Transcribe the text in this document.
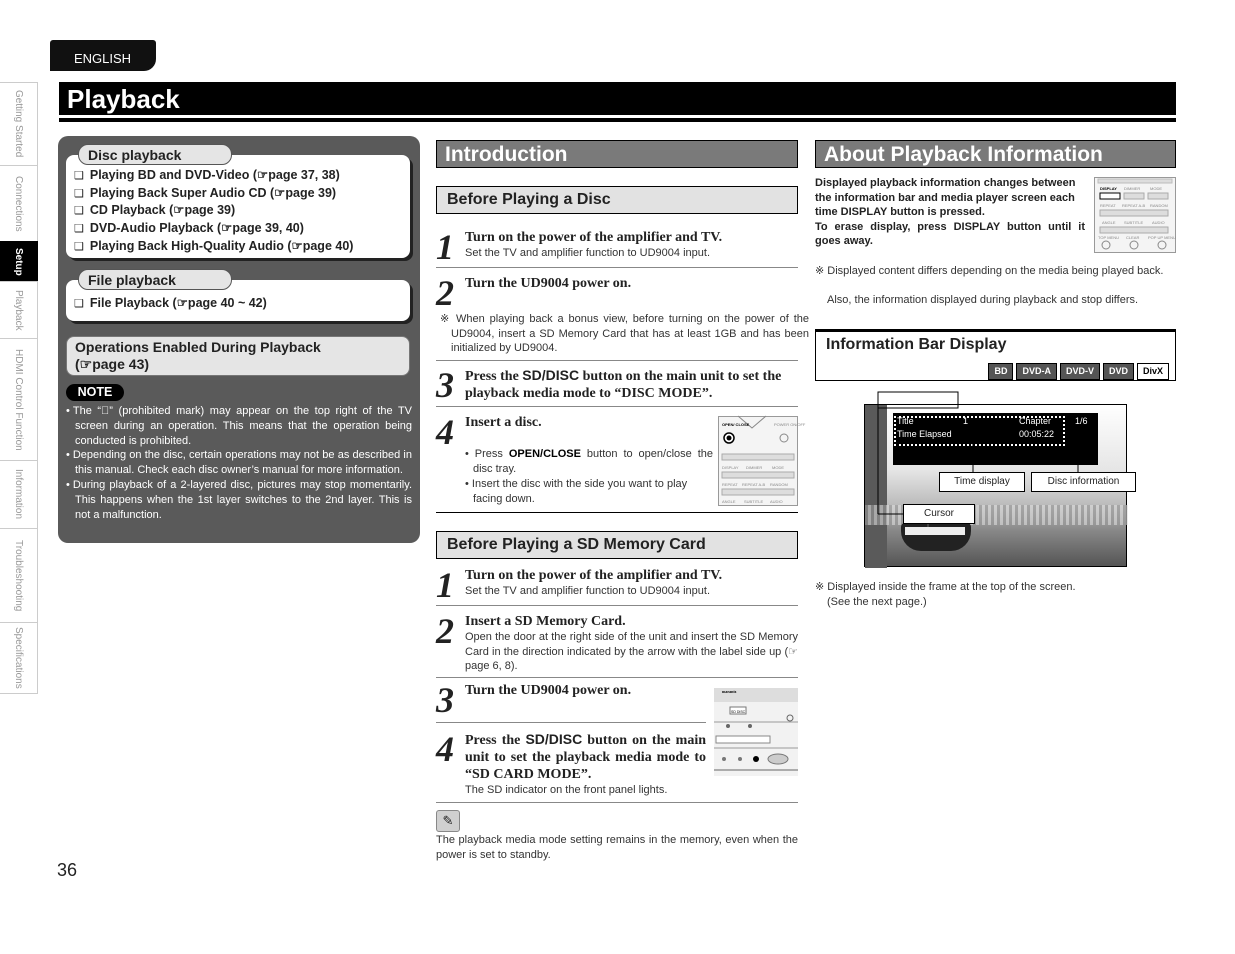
ENGLISH
Getting Started
Connections
Setup
Playback
HDMI Control Function
Information
Troubleshooting
Specifications
Playback
❑ Playing BD and DVD-Video (☞page 37, 38)
❑ Playing Back Super Audio CD (☞page 39)
❑ CD Playback (☞page 39)
❑ DVD-Audio Playback (☞page 39, 40)
❑ Playing Back High-Quality Audio (☞page 40)
Disc playback
❑ File Playback (☞page 40 ~ 42)
File playback
Operations Enabled During Playback
(☞page 43)
NOTE
• The “⃠” (prohibited mark) may appear on the top right of the TV screen during an operation. This means that the operation being conducted is prohibited.
• Depending on the disc, certain operations may not be as described in this manual. Check each disc owner’s manual for more information.
• During playback of a 2-layered disc, pictures may stop momentarily. This happens when the 1st layer switches to the 2nd layer. This is not a malfunction.
Introduction
Before Playing a Disc
1 Turn on the power of the amplifier and TV.
Set the TV and amplifier function to UD9004 input.
2 Turn the UD9004 power on.
※ When playing back a bonus view, before turning on the power of the UD9004, insert a SD Memory Card that has at least 1GB and has been initialized by UD9004.
3 Press the SD/DISC button on the main unit to set the playback media mode to “DISC MODE”.
4 Insert a disc.
• Press OPEN/CLOSE button to open/close the disc tray.
• Insert the disc with the side you want to play facing down.
OPEN/ CLOSE	POWER ON/OFF
DISPLAY DIMMER MODE
REPEAT REPEAT A-B RANDOM
ANGLE SUBTITLE AUDIO
Before Playing a SD Memory Card
1 Turn on the power of the amplifier and TV.
Set the TV and amplifier function to UD9004 input.
2 Insert a SD Memory Card.
Open the door at the right side of the unit and insert the SD Memory Card in the direction indicated by the arrow with the label side up (☞page 6, 8).
3 Turn the UD9004 power on.
4 Press the SD/DISC button on the main unit to set the playback media mode to “SD CARD MODE”.
The SD indicator on the front panel lights.
marantz
SD DISC
✎
The playback media mode setting remains in the memory, even when the power is set to standby.
About Playback Information
Displayed playback information changes between
the information bar and media player screen each
time DISPLAY button is pressed.
To erase display, press DISPLAY button until it
goes away.
DISPLAY DIMMER MODE
REPEAT REPEAT A-B RANDOM
ANGLE SUBTITLE AUDIO
TOP MENU CLEAR POP UP MENU
※ Displayed content differs depending on the media being played back.
Also, the information displayed during playback and stop differs.
Information Bar Display
BD DVD-A DVD-V DVD DivX
Title	1	Chapter	1/6
Time Elapsed	00:05:22
Time display	Disc information
Cursor
※ Displayed inside the frame at the top of the screen.
(See the next page.)
36
